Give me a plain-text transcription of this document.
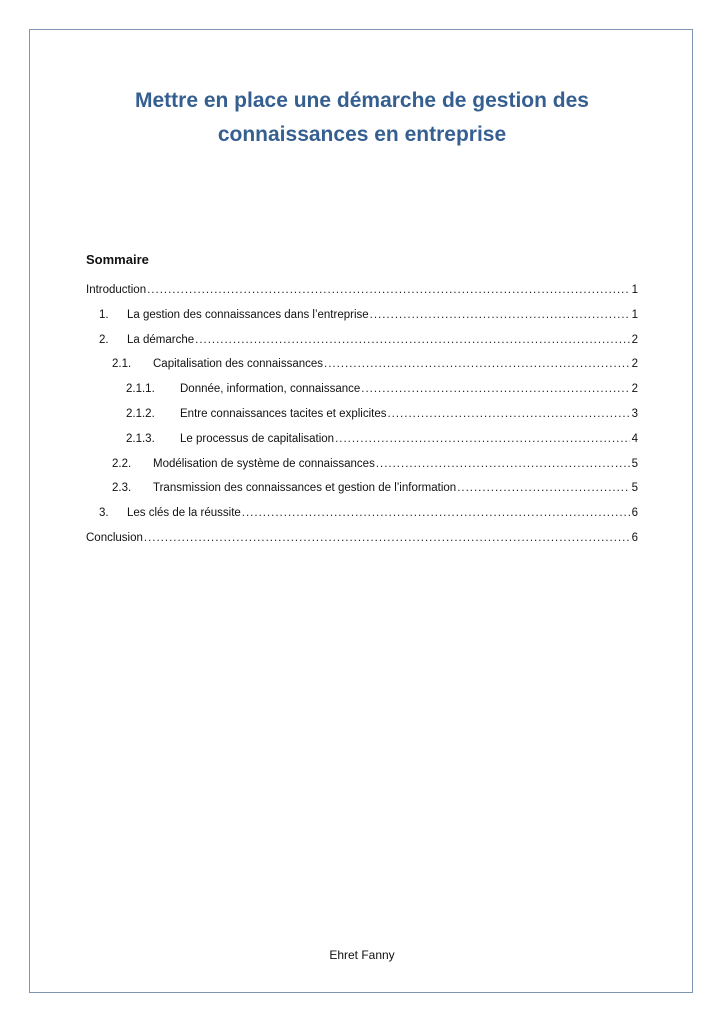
Mettre en place une démarche de gestion des
connaissances en entreprise
Sommaire
Introduction .....	1
1.	La gestion des connaissances dans l’entreprise .....	1
2.	La démarche .....	2
2.1.	Capitalisation des connaissances .....	2
2.1.1.	Donnée, information, connaissance .....	2
2.1.2.	Entre connaissances tacites et explicites .....	3
2.1.3.	Le processus de capitalisation .....	4
2.2.	Modélisation de système de connaissances .....	5
2.3.	Transmission des connaissances et gestion de l’information .....	5
3.	Les clés de la réussite .....	6
Conclusion .....	6

Ehret Fanny
